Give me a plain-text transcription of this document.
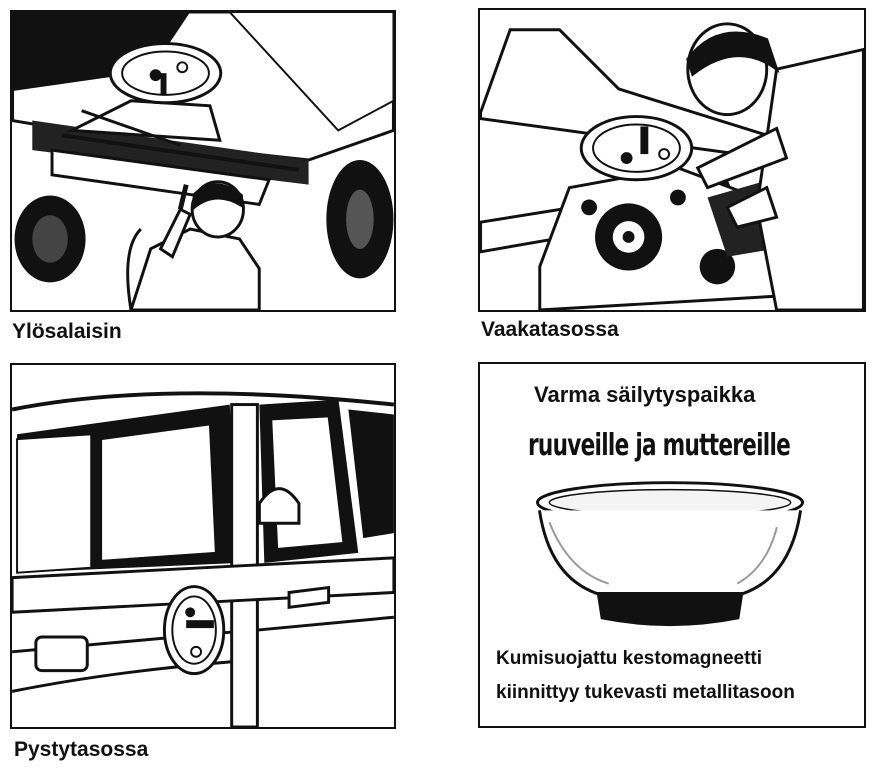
Ylösalaisin	Vaakatasossa
Pystytasossa
Varma säilytyspaikka
ruuveille ja muttereille
Kumisuojattu kestomagneetti
kiinnittyy tukevasti metallitasoon
